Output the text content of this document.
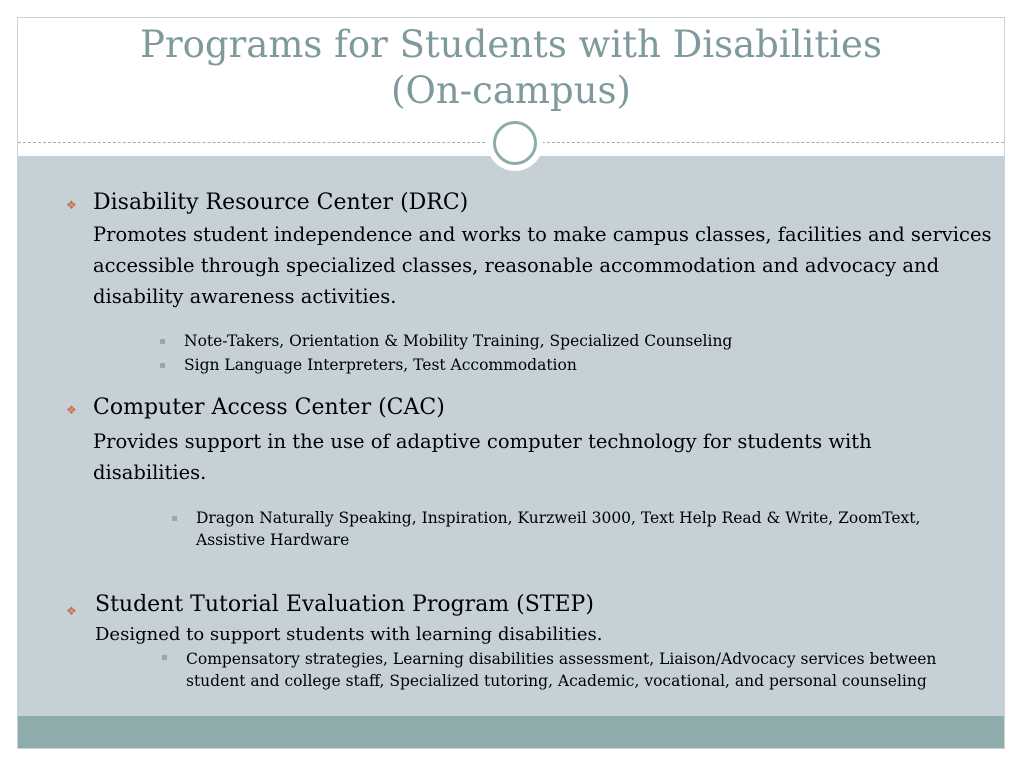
Programs for Students with Disabilities
(On-campus)
❖ Disability Resource Center (DRC)
Promotes student independence and works to make campus classes, facilities and services accessible through specialized classes, reasonable accommodation and advocacy and disability awareness activities.
Note-Takers, Orientation & Mobility Training, Specialized Counseling
Sign Language Interpreters, Test Accommodation
❖ Computer Access Center (CAC)
Provides support in the use of adaptive computer technology for students with disabilities.
Dragon Naturally Speaking, Inspiration, Kurzweil 3000, Text Help Read & Write, ZoomText, Assistive Hardware
❖ Student Tutorial Evaluation Program (STEP)
Designed to support students with learning disabilities.
Compensatory strategies, Learning disabilities assessment, Liaison/Advocacy services between student and college staff, Specialized tutoring, Academic, vocational, and personal counseling
